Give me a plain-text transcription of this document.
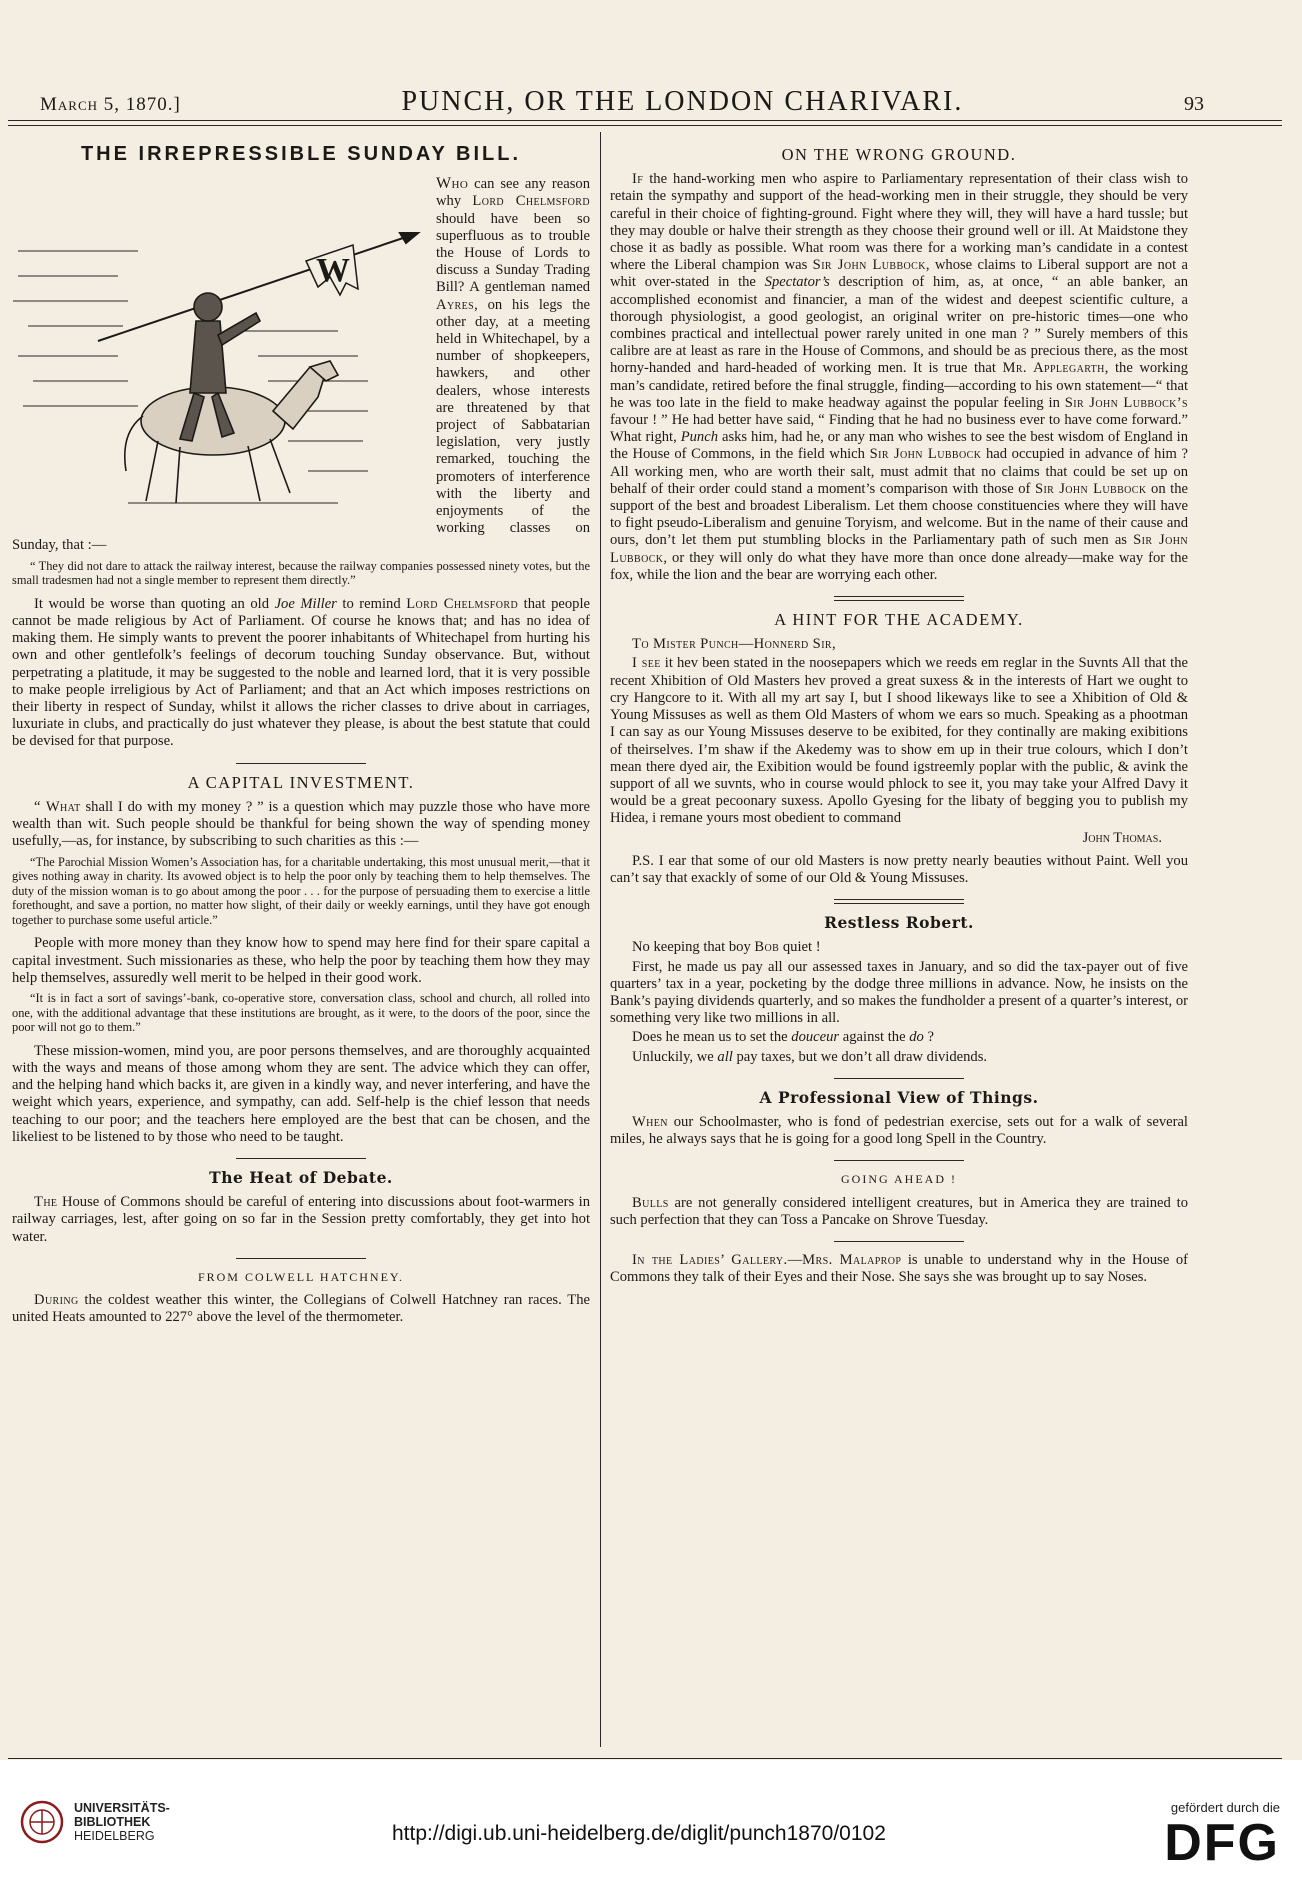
March 5, 1870.]	PUNCH, OR THE LONDON CHARIVARI.	93
THE IRREPRESSIBLE SUNDAY BILL.
W

Who can see any reason why Lord Chelmsford should have been so superfluous as to trouble the House of Lords to discuss a Sunday Trading Bill? A gentleman named Ayres, on his legs the other day, at a meeting held in Whitechapel, by a number of shopkeepers, hawkers, and other dealers, whose interests are threatened by that project of Sabbatarian legislation, very justly remarked, touching the promoters of interference with the liberty and enjoyments of the working classes on Sunday, that :—

“ They did not dare to attack the railway interest, because the railway companies possessed ninety votes, but the small tradesmen had not a single member to represent them directly.”

It would be worse than quoting an old Joe Miller to remind Lord Chelmsford that people cannot be made religious by Act of Parliament. Of course he knows that; and has no idea of making them. He simply wants to prevent the poorer inhabitants of Whitechapel from hurting his own and other gentlefolk’s feelings of decorum touching Sunday observance. But, without perpetrating a platitude, it may be suggested to the noble and learned lord, that it is very possible to make people irreligious by Act of Parliament; and that an Act which imposes restrictions on their liberty in respect of Sunday, whilst it allows the richer classes to drive about in carriages, luxuriate in clubs, and practically do just whatever they please, is about the best statute that could be devised for that purpose.

A CAPITAL INVESTMENT.

“ What shall I do with my money ? ” is a question which may puzzle those who have more wealth than wit. Such people should be thankful for being shown the way of spending money usefully,—as, for instance, by subscribing to such charities as this :—

“The Parochial Mission Women’s Association has, for a charitable undertaking, this most unusual merit,—that it gives nothing away in charity. Its avowed object is to help the poor only by teaching them to help themselves. The duty of the mission woman is to go about among the poor . . . for the purpose of persuading them to exercise a little forethought, and save a portion, no matter how slight, of their daily or weekly earnings, until they have got enough together to purchase some useful article.”

People with more money than they know how to spend may here find for their spare capital a capital investment. Such missionaries as these, who help the poor by teaching them how they may help themselves, assuredly well merit to be helped in their good work.

“It is in fact a sort of savings’-bank, co-operative store, conversation class, school and church, all rolled into one, with the additional advantage that these institutions are brought, as it were, to the doors of the poor, since the poor will not go to them.”

These mission-women, mind you, are poor persons themselves, and are thoroughly acquainted with the ways and means of those among whom they are sent. The advice which they can offer, and the helping hand which backs it, are given in a kindly way, and never interfering, and have the weight which years, experience, and sympathy, can add. Self-help is the chief lesson that needs teaching to our poor; and the teachers here employed are the best that can be chosen, and the likeliest to be listened to by those who need to be taught.

The Heat of Debate.

The House of Commons should be careful of entering into discussions about foot-warmers in railway carriages, lest, after going on so far in the Session pretty comfortably, they get into hot water.

FROM COLWELL HATCHNEY.

During the coldest weather this winter, the Collegians of Colwell Hatchney ran races. The united Heats amounted to 227° above the level of the thermometer.

ON THE WRONG GROUND.

If the hand-working men who aspire to Parliamentary representation of their class wish to retain the sympathy and support of the head-working men in their struggle, they should be very careful in their choice of fighting-ground. Fight where they will, they will have a hard tussle; but they may double or halve their strength as they choose their ground well or ill. At Maidstone they chose it as badly as possible. What room was there for a working man’s candidate in a contest where the Liberal champion was Sir John Lubbock, whose claims to Liberal support are not a whit over-stated in the Spectator’s description of him, as, at once, “ an able banker, an accomplished economist and financier, a man of the widest and deepest scientific culture, a thorough physiologist, a good geologist, an original writer on pre-historic times—one who combines practical and intellectual power rarely united in one man ? ” Surely members of this calibre are at least as rare in the House of Commons, and should be as precious there, as the most horny-handed and hard-headed of working men. It is true that Mr. Applegarth, the working man’s candidate, retired before the final struggle, finding—according to his own statement—“ that he was too late in the field to make headway against the popular feeling in Sir John Lubbock’s favour ! ” He had better have said, “ Finding that he had no business ever to have come forward.” What right, Punch asks him, had he, or any man who wishes to see the best wisdom of England in the House of Commons, in the field which Sir John Lubbock had occupied in advance of him ? All working men, who are worth their salt, must admit that no claims that could be set up on behalf of their order could stand a moment’s comparison with those of Sir John Lubbock on the support of the best and broadest Liberalism. Let them choose constituencies where they will have to fight pseudo-Liberalism and genuine Toryism, and welcome. But in the name of their cause and ours, don’t let them put stumbling blocks in the Parliamentary path of such men as Sir John Lubbock, or they will only do what they have more than once done already—make way for the fox, while the lion and the bear are worrying each other.

A HINT FOR THE ACADEMY.

To Mister Punch—Honnerd Sir,

I see it hev been stated in the noosepapers which we reeds em reglar in the Suvnts All that the recent Xhibition of Old Masters hev proved a great suxess & in the interests of Hart we ought to cry Hangcore to it. With all my art say I, but I shood likeways like to see a Xhibition of Old & Young Missuses as well as them Old Masters of whom we ears so much. Speaking as a phootman I can say as our Young Missuses deserve to be exibited, for they continally are making exibitions of theirselves. I’m shaw if the Akedemy was to show em up in their true colours, which I don’t mean there dyed air, the Exibition would be found igstreemly poplar with the public, & avink the support of all we suvnts, who in course would phlock to see it, you may take your Alfred Davy it would be a great pecoonary suxess. Apollo Gyesing for the libaty of begging you to publish my Hidea, i remane yours most obedient to command

John Thomas.

P.S. I ear that some of our old Masters is now pretty nearly beauties without Paint. Well you can’t say that exackly of some of our Old & Young Missuses.

Restless Robert.

No keeping that boy Bob quiet !

First, he made us pay all our assessed taxes in January, and so did the tax-payer out of five quarters’ tax in a year, pocketing by the dodge three millions in advance. Now, he insists on the Bank’s paying dividends quarterly, and so makes the fundholder a present of a quarter’s interest, or something very like two millions in all.

Does he mean us to set the douceur against the do ?

Unluckily, we all pay taxes, but we don’t all draw dividends.

A Professional View of Things.

When our Schoolmaster, who is fond of pedestrian exercise, sets out for a walk of several miles, he always says that he is going for a good long Spell in the Country.

GOING AHEAD !

Bulls are not generally considered intelligent creatures, but in America they are trained to such perfection that they can Toss a Pancake on Shrove Tuesday.

In the Ladies’ Gallery.—Mrs. Malaprop is unable to understand why in the House of Commons they talk of their Eyes and their Nose. She says she was brought up to say Noses.

UNIVERSITÄTS-
BIBLIOTHEK
HEIDELBERG	http://digi.ub.uni-heidelberg.de/diglit/punch1870/0102
gefördert durch die
DFG
